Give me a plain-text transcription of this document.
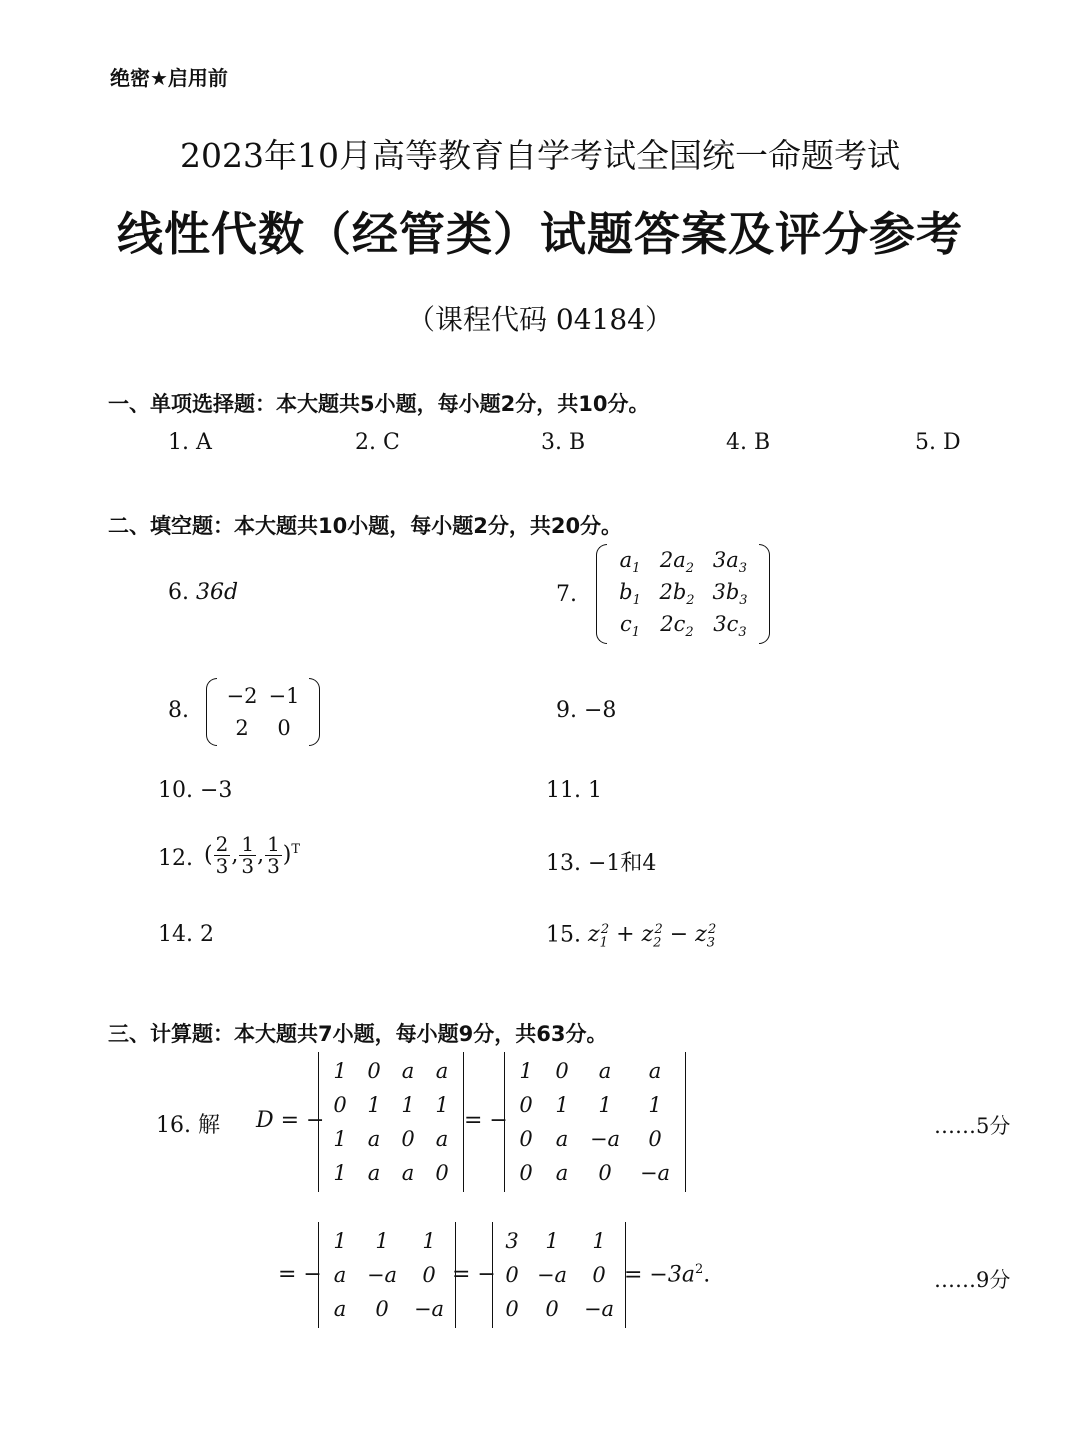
绝密★启用前
2023年10月高等教育自学考试全国统一命题考试
线性代数（经管类）试题答案及评分参考
（课程代码 04184）
一、单项选择题：本大题共5小题，每小题2分，共10分。
1. A	2. C	3. B	4. B	5. D
二、填空题：本大题共10小题，每小题2分，共20分。
6. 36d	7.
$a_1$ $2a_2$ $3a_3$
$b_1$ $2b_2$ $3b_3$
$c_1$ $2c_2$ $3c_3$
8.
−2 −1
2 0
9. −8
10. −3	11. 1
12. ( $\frac{2}{3}$ , $\frac{1}{3}$ , $\frac{1}{3} )^T$
13. −1和4
14. 2	15. $z_1^2 + z_2^2 - z_3^2$
三、计算题：本大题共7小题，每小题9分，共63分。
16. 解 D = −
1 0 a a
0 1 1 1
1 a 0 a
1 a a 0
= −
1 0 a a
0 1 1 1
0 a −a 0
0 a 0 −a
……5分
= −
1 1 1
a −a 0
a 0 −a
= −
3 1 1
0 −a 0
0 0 −a
= $-3a^2$.	……9分
